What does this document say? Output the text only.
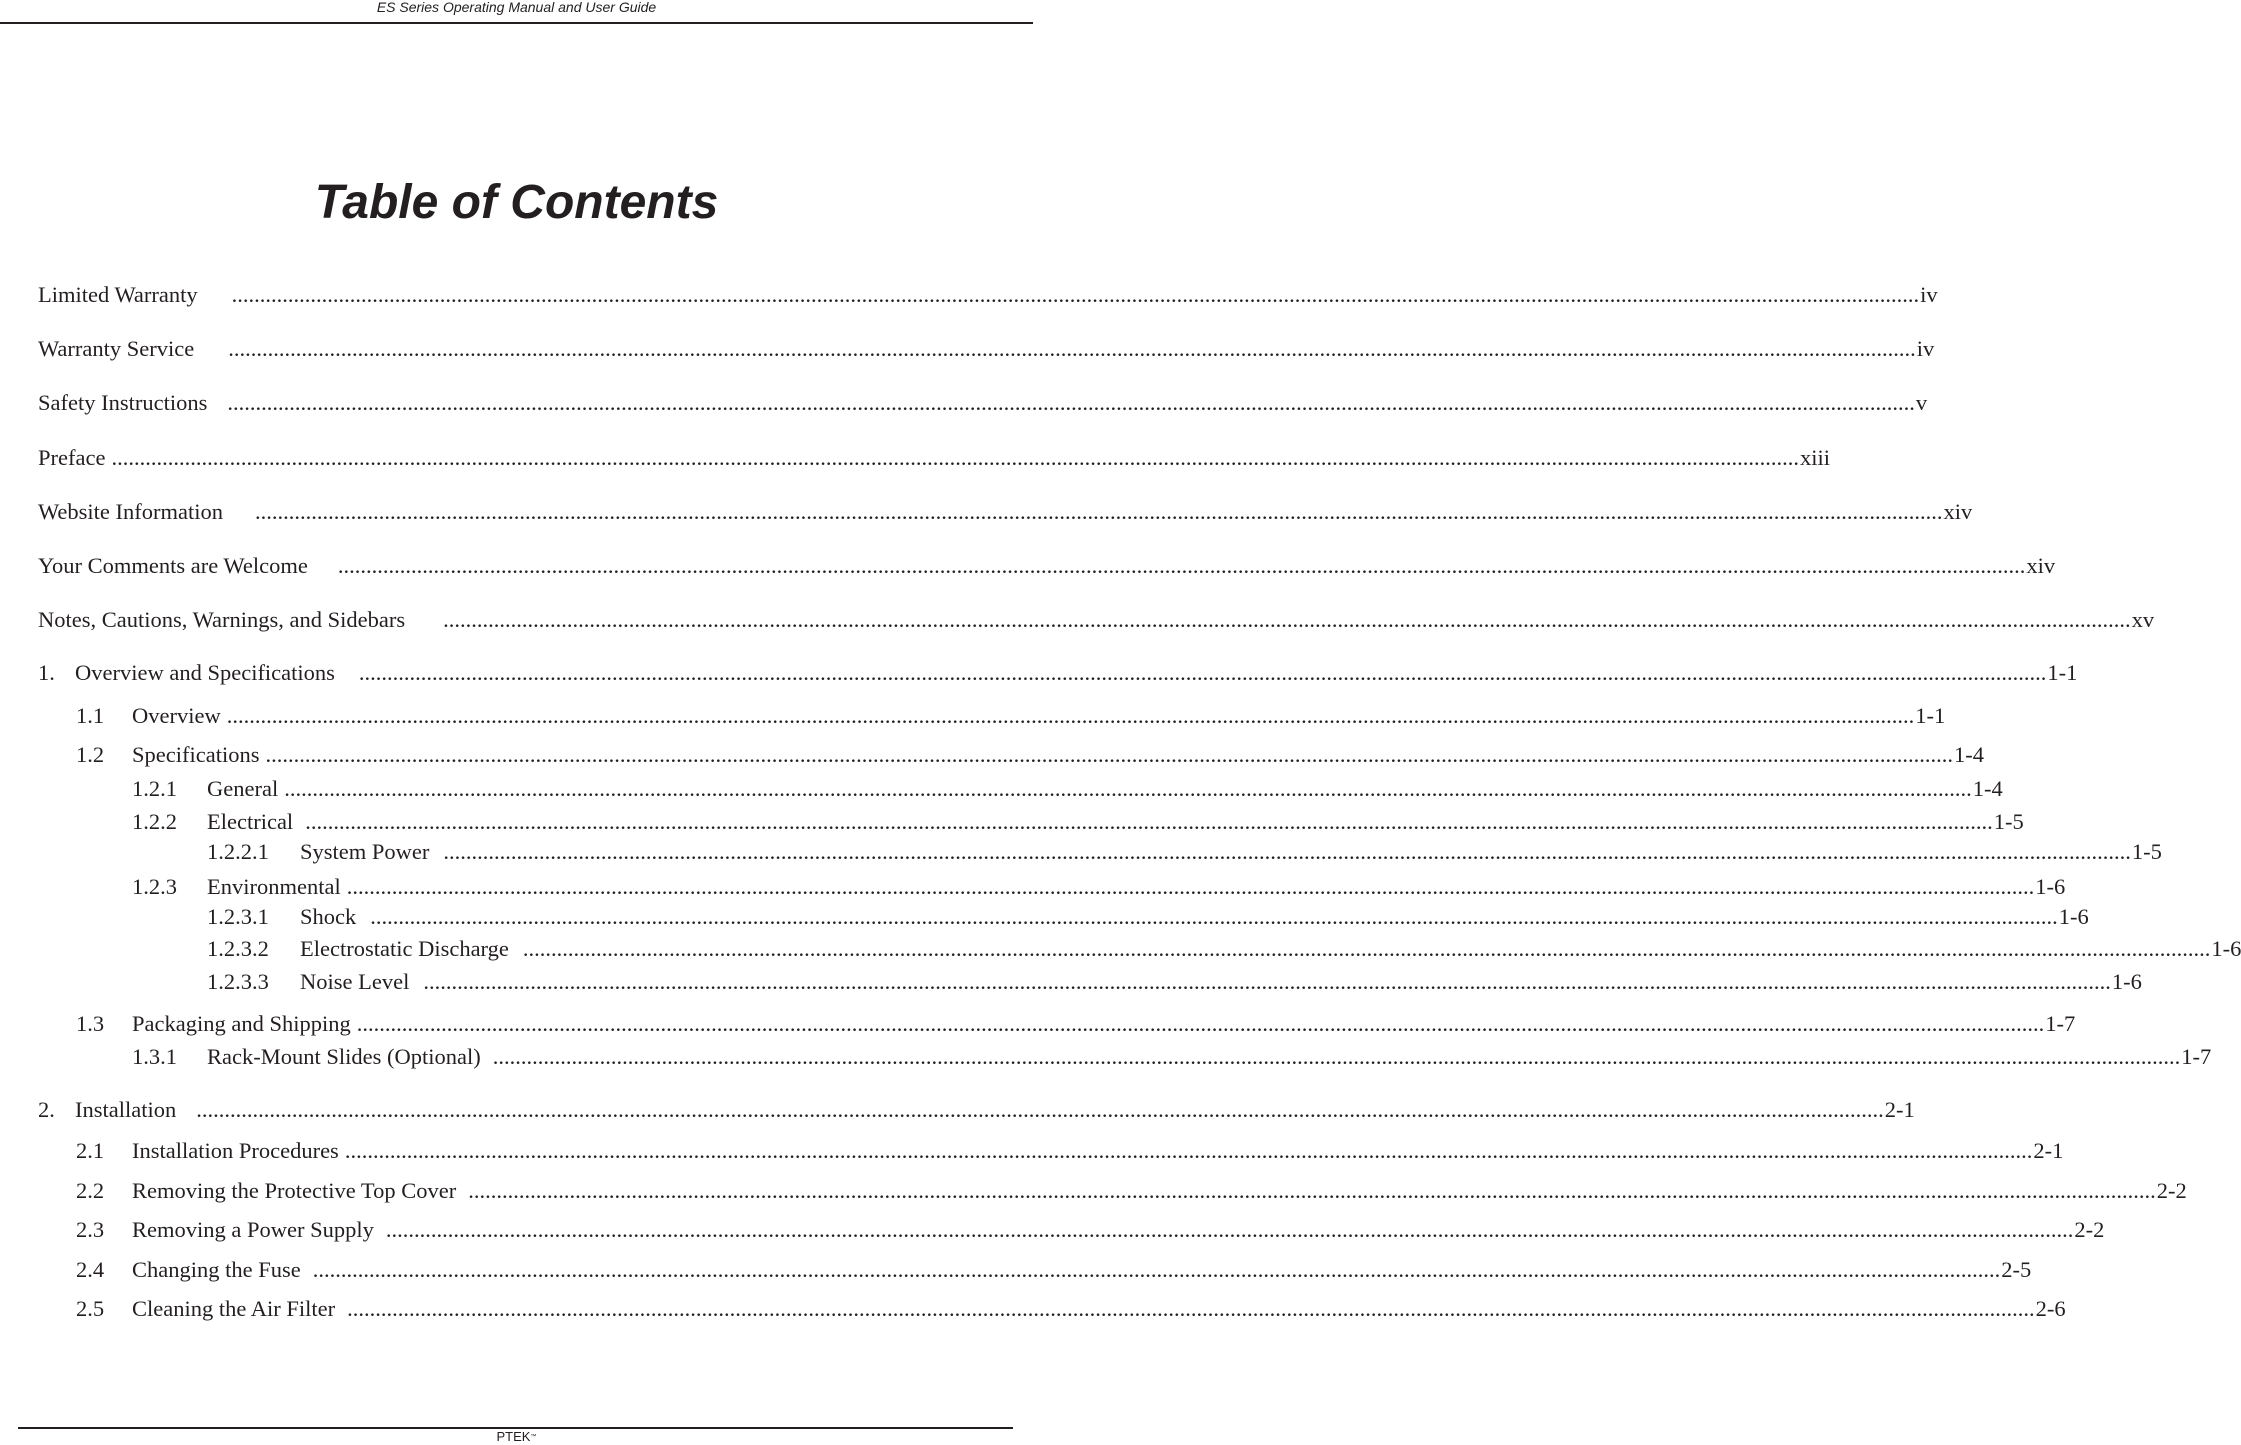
ES Series Operating Manual and User Guide
Table of Contents
Limited Warranty ............................................................................................................................................................................................................................................................................................................ iv
Warranty Service ............................................................................................................................................................................................................................................................................................................ iv
Safety Instructions ............................................................................................................................................................................................................................................................................................................ v
Preface ............................................................................................................................................................................................................................................................................................................ xiii
Website Information ............................................................................................................................................................................................................................................................................................................ xiv
Your Comments are Welcome ............................................................................................................................................................................................................................................................................................................ xiv
Notes, Cautions, Warnings, and Sidebars ............................................................................................................................................................................................................................................................................................................ xv
1. Overview and Specifications ............................................................................................................................................................................................................................................................................................................ 1-1
1.1 Overview ............................................................................................................................................................................................................................................................................................................ 1-1
1.2 Specifications ............................................................................................................................................................................................................................................................................................................ 1-4
1.2.1 General ............................................................................................................................................................................................................................................................................................................ 1-4
1.2.2 Electrical ............................................................................................................................................................................................................................................................................................................ 1-5
1.2.2.1 System Power ............................................................................................................................................................................................................................................................................................................ 1-5
1.2.3 Environmental ............................................................................................................................................................................................................................................................................................................ 1-6
1.2.3.1 Shock ............................................................................................................................................................................................................................................................................................................ 1-6
1.2.3.2 Electrostatic Discharge ............................................................................................................................................................................................................................................................................................................ 1-6
1.2.3.3 Noise Level ............................................................................................................................................................................................................................................................................................................ 1-6
1.3 Packaging and Shipping ............................................................................................................................................................................................................................................................................................................ 1-7
1.3.1 Rack-Mount Slides (Optional) ............................................................................................................................................................................................................................................................................................................ 1-7
2. Installation ............................................................................................................................................................................................................................................................................................................ 2-1
2.1 Installation Procedures ............................................................................................................................................................................................................................................................................................................ 2-1
2.2 Removing the Protective Top Cover ............................................................................................................................................................................................................................................................................................................ 2-2
2.3 Removing a Power Supply ............................................................................................................................................................................................................................................................................................................ 2-2
2.4 Changing the Fuse ............................................................................................................................................................................................................................................................................................................ 2-5
2.5 Cleaning the Air Filter ............................................................................................................................................................................................................................................................................................................ 2-6
PTEK™
